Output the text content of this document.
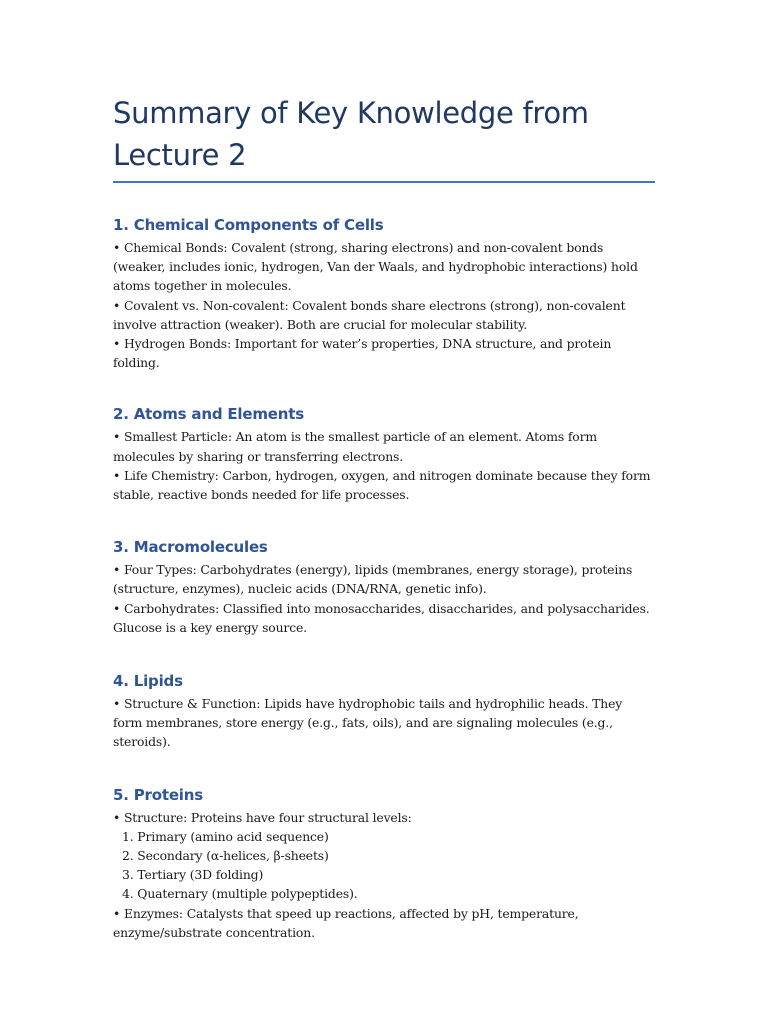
Summary of Key Knowledge from Lecture 2
1. Chemical Components of Cells

• Chemical Bonds: Covalent (strong, sharing electrons) and non-covalent bonds (weaker, includes ionic, hydrogen, Van der Waals, and hydrophobic interactions) hold atoms together in molecules.

• Covalent vs. Non-covalent: Covalent bonds share electrons (strong), non-covalent involve attraction (weaker). Both are crucial for molecular stability.

• Hydrogen Bonds: Important for water’s properties, DNA structure, and protein folding.

2. Atoms and Elements

• Smallest Particle: An atom is the smallest particle of an element. Atoms form molecules by sharing or transferring electrons.

• Life Chemistry: Carbon, hydrogen, oxygen, and nitrogen dominate because they form stable, reactive bonds needed for life processes.

3. Macromolecules

• Four Types: Carbohydrates (energy), lipids (membranes, energy storage), proteins (structure, enzymes), nucleic acids (DNA/RNA, genetic info).

• Carbohydrates: Classified into monosaccharides, disaccharides, and polysaccharides. Glucose is a key energy source.

4. Lipids

• Structure & Function: Lipids have hydrophobic tails and hydrophilic heads. They form membranes, store energy (e.g., fats, oils), and are signaling molecules (e.g., steroids).

5. Proteins

• Structure: Proteins have four structural levels:

1. Primary (amino acid sequence)

2. Secondary (α-helices, β-sheets)

3. Tertiary (3D folding)

4. Quaternary (multiple polypeptides).

• Enzymes: Catalysts that speed up reactions, affected by pH, temperature, enzyme/substrate concentration.
